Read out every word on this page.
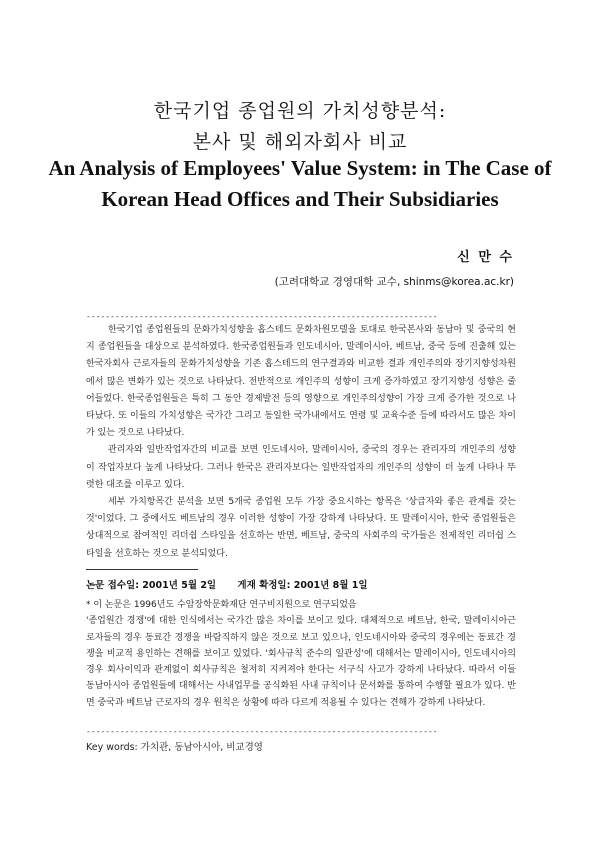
한국기업 종업원의 가치성향분석:
본사 및 해외자회사 비교
An Analysis of Employees' Value System: in The Case of Korean Head Offices and Their Subsidiaries
신 만 수
(고려대학교 경영대학 교수, shinms@korea.ac.kr)
-------------------------------------------------------------------------

한국기업 종업원들의 문화가치성향을 홉스테드 문화차원모델을 토대로 한국본사와 동남아 및 중국의 현지 종업원들을 대상으로 분석하였다. 한국종업원들과 인도네시아, 말레이시아, 베트남, 중국 등에 진출해 있는 한국자회사 근로자들의 문화가치성향을 기존 홉스테드의 연구결과와 비교한 결과 개인주의와 장기지향성차원에서 많은 변화가 있는 것으로 나타났다. 전반적으로 개인주의 성향이 크게 증가하였고 장기지향성 성향은 줄어들었다. 한국종업원들은 특히 그 동안 경제발전 등의 영향으로 개인주의성향이 가장 크게 증가한 것으로 나타났다. 또 이들의 가치성향은 국가간 그리고 동일한 국가내에서도 연령 및 교육수준 등에 따라서도 많은 차이가 있는 것으로 나타났다.

관리자와 일반작업자간의 비교를 보면 인도네시아, 말레이시아, 중국의 경우는 관리자의 개인주의 성향이 작업자보다 높게 나타났다. 그러나 한국은 관리자보다는 일반작업자의 개인주의 성향이 더 높게 나타나 뚜렷한 대조를 이루고 있다.

세부 가치항목간 분석을 보면 5개국 종업원 모두 가장 중요시하는 항목은 '상급자와 좋은 관계를 갖는것'이었다. 그 중에서도 베트남의 경우 이러한 성향이 가장 강하게 나타났다. 또 말레이시아, 한국 종업원들은 상대적으로 참여적인 리더쉽 스타일을 선호하는 반면, 베트남, 중국의 사회주의 국가들은 전제적인 리더쉽 스타일을 선호하는 것으로 분석되었다.

논문 접수일: 2001년 5월 2일 게재 확정일: 2001년 8월 1일

* 이 논문은 1996년도 수암장학문화재단 연구비지원으로 연구되었음

'종업원간 경쟁'에 대한 인식에서는 국가간 많은 차이를 보이고 있다. 대체적으로 베트남, 한국, 말레이시아근로자들의 경우 동료간 경쟁을 바람직하지 않은 것으로 보고 있으나, 인도네시아와 중국의 경우에는 동료간 경쟁을 비교적 용인하는 견해를 보이고 있었다. '회사규칙 준수의 일관성'에 대해서는 말레이시아, 인도네시아의 경우 회사이익과 관계없이 회사규칙은 철저히 지켜져야 한다는 서구식 사고가 강하게 나타났다. 따라서 이들 동남아시아 종업원들에 대해서는 사내업무를 공식화된 사내 규칙이나 문서화를 통하여 수행할 필요가 있다. 반면 중국과 베트남 근로자의 경우 원칙은 상황에 따라 다르게 적용될 수 있다는 견해가 강하게 나타났다.

-------------------------------------------------------------------------
Key words: 가치관, 동남아시아, 비교경영
